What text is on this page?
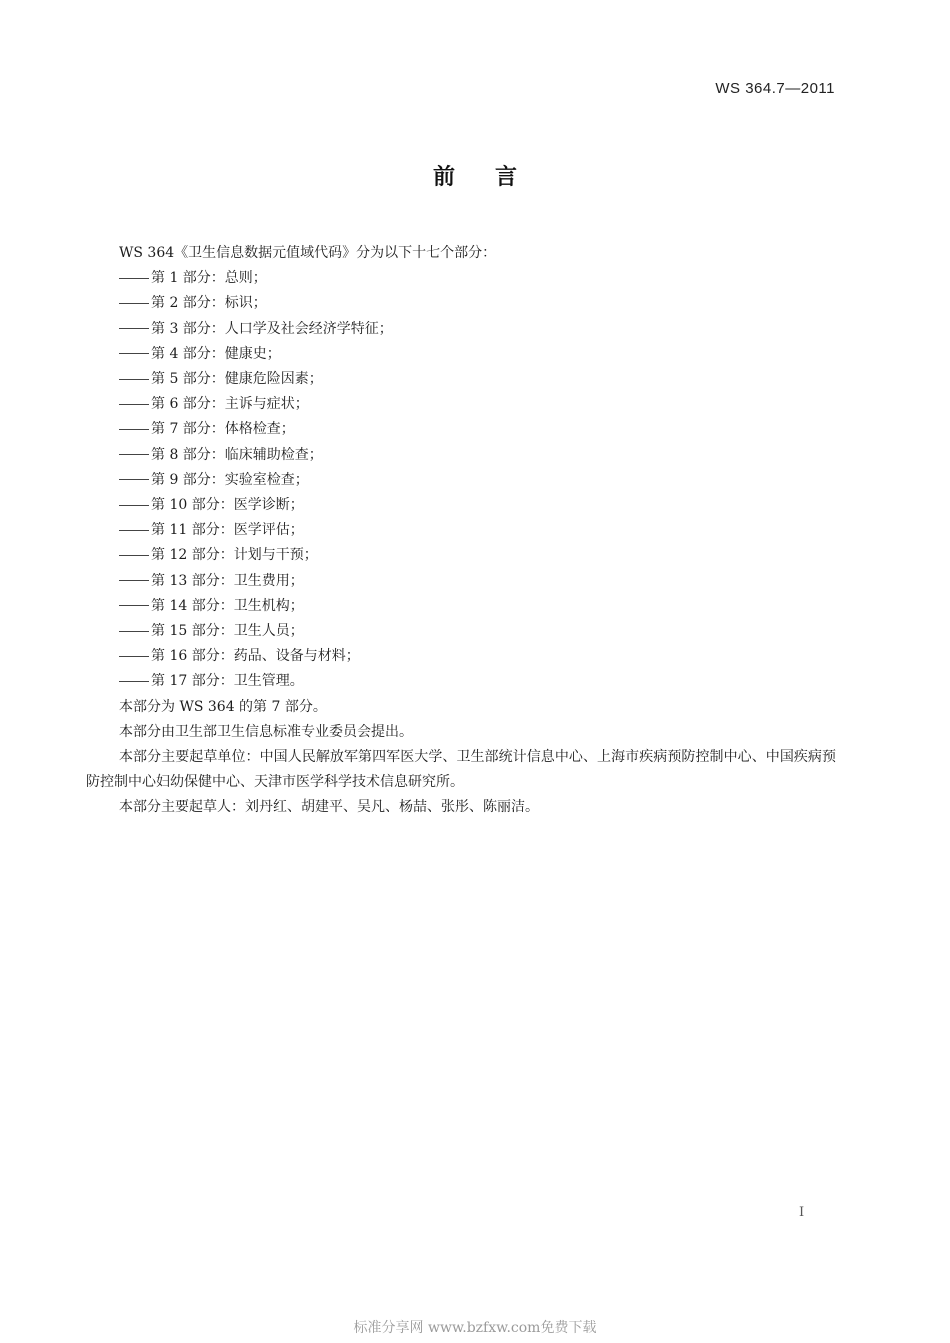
WS 364.7—2011
前言

WS 364《卫生信息数据元值域代码》分为以下十七个部分：

第 1 部分：总则；

第 2 部分：标识；

第 3 部分：人口学及社会经济学特征；

第 4 部分：健康史；

第 5 部分：健康危险因素；

第 6 部分：主诉与症状；

第 7 部分：体格检查；

第 8 部分：临床辅助检查；

第 9 部分：实验室检查；

第 10 部分：医学诊断；

第 11 部分：医学评估；

第 12 部分：计划与干预；

第 13 部分：卫生费用；

第 14 部分：卫生机构；

第 15 部分：卫生人员；

第 16 部分：药品、设备与材料；

第 17 部分：卫生管理。

本部分为 WS 364 的第 7 部分。

本部分由卫生部卫生信息标准专业委员会提出。

本部分主要起草单位：中国人民解放军第四军医大学、卫生部统计信息中心、上海市疾病预防控制中心、中国疾病预防控制中心妇幼保健中心、天津市医学科学技术信息研究所。

本部分主要起草人：刘丹红、胡建平、吴凡、杨喆、张彤、陈丽洁。

I
标准分享网 www.bzfxw.com免费下载
